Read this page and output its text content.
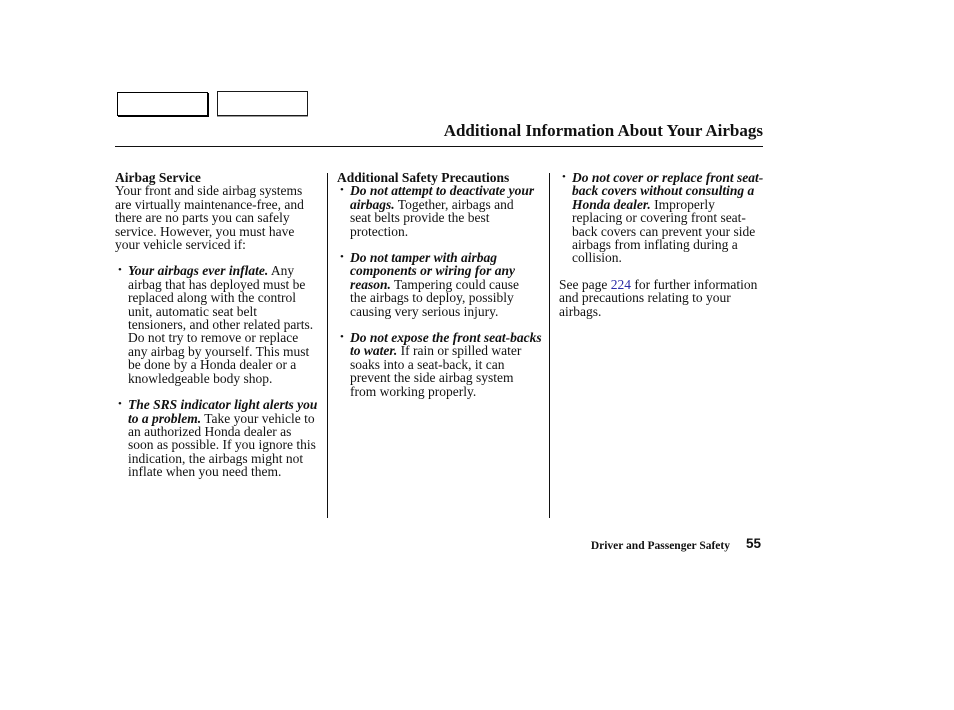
Additional Information About Your Airbags
Airbag Service
Your front and side airbag systems
are virtually maintenance-free, and
there are no parts you can safely
service. However, you must have
your vehicle serviced if:
• Your airbags ever inflate. Any
airbag that has deployed must be
replaced along with the control
unit, automatic seat belt
tensioners, and other related parts.
Do not try to remove or replace
any airbag by yourself. This must
be done by a Honda dealer or a
knowledgeable body shop.
• The SRS indicator light alerts you
to a problem. Take your vehicle to
an authorized Honda dealer as
soon as possible. If you ignore this
indication, the airbags might not
inflate when you need them.
Additional Safety Precautions
• Do not attempt to deactivate your
airbags. Together, airbags and
seat belts provide the best
protection.
• Do not tamper with airbag
components or wiring for any
reason. Tampering could cause
the airbags to deploy, possibly
causing very serious injury.
• Do not expose the front seat-backs
to water. If rain or spilled water
soaks into a seat-back, it can
prevent the side airbag system
from working properly.
• Do not cover or replace front seat-
back covers without consulting a
Honda dealer. Improperly
replacing or covering front seat-
back covers can prevent your side
airbags from inflating during a
collision.
See page 224 for further information
and precautions relating to your
airbags.
Driver and Passenger Safety 55
